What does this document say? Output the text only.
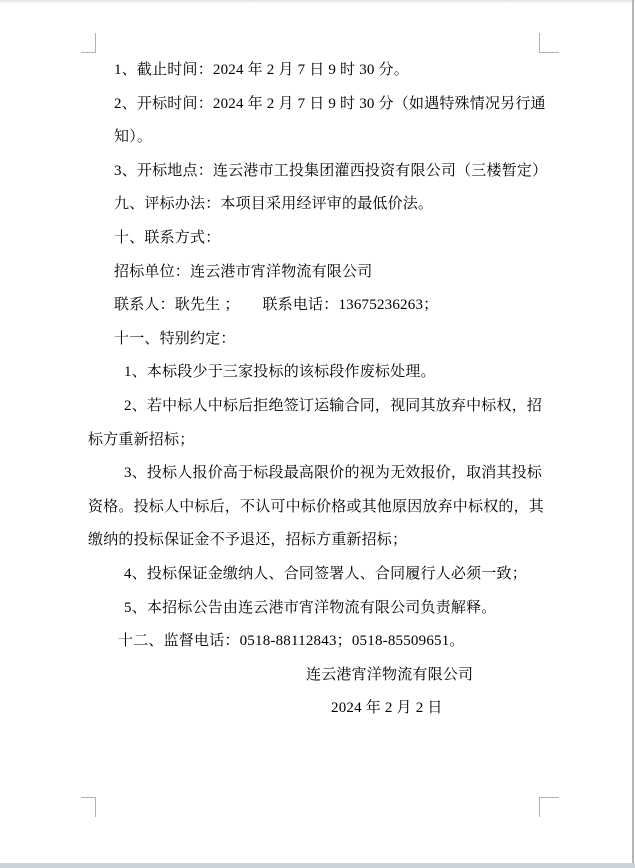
1、截止时间：2024 年 2 月 7 日 9 时 30 分。
2、开标时间：2024 年 2 月 7 日 9 时 30 分（如遇特殊情况另行通
知）。
3、开标地点：连云港市工投集团灌西投资有限公司（三楼暂定）
九、评标办法：本项目采用经评审的最低价法。
十、联系方式：
招标单位：连云港市宵洋物流有限公司
联系人：耿先生 ；　　联系电话：13675236263；
十一、特别约定：
1、本标段少于三家投标的该标段作废标处理。
2、若中标人中标后拒绝签订运输合同，视同其放弃中标权，招
标方重新招标；
3、投标人报价高于标段最高限价的视为无效报价，取消其投标
资格。投标人中标后，不认可中标价格或其他原因放弃中标权的，其
缴纳的投标保证金不予退还，招标方重新招标；
4、投标保证金缴纳人、合同签署人、合同履行人必须一致；
5、本招标公告由连云港市宵洋物流有限公司负责解释。
十二、监督电话：0518-88112843；0518-85509651。
连云港宵洋物流有限公司
2024 年 2 月 2 日
